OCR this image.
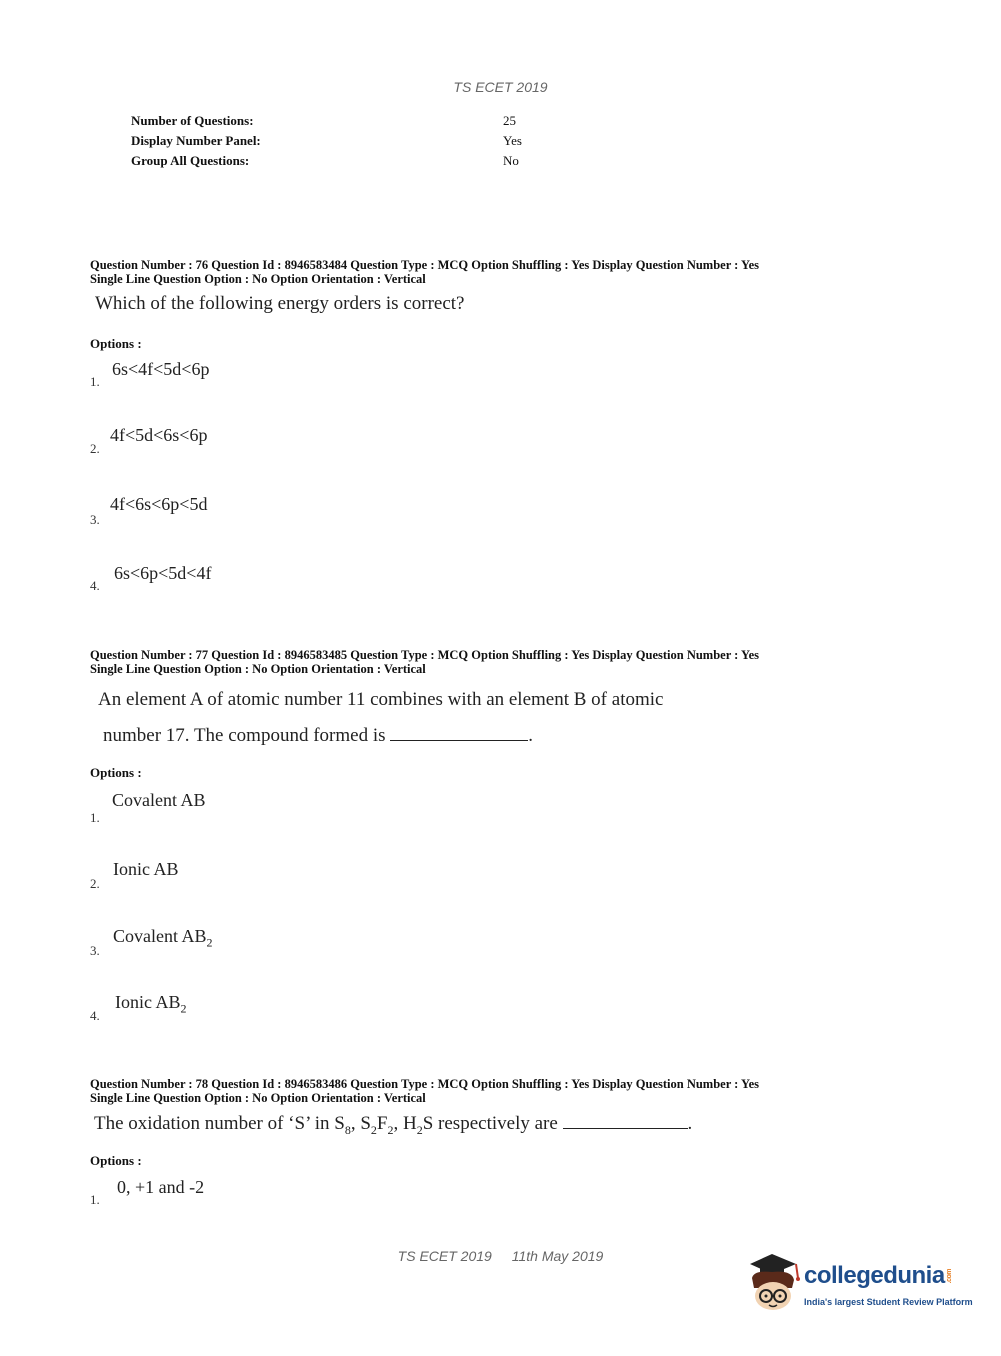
TS ECET 2019
Number of Questions:	25
Display Number Panel:	Yes
Group All Questions:	No
Question Number : 76 Question Id : 8946583484 Question Type : MCQ Option Shuffling : Yes Display Question Number : Yes
Single Line Question Option : No Option Orientation : Vertical
Which of the following energy orders is correct?
Options :
1.
6s<4f<5d<6p
2.
4f<5d<6s<6p
3.
4f<6s<6p<5d
4.
6s<6p<5d<4f
Question Number : 77 Question Id : 8946583485 Question Type : MCQ Option Shuffling : Yes Display Question Number : Yes
Single Line Question Option : No Option Orientation : Vertical
An element A of atomic number 11 combines with an element B of atomic
number 17. The compound formed is	.
Options :
1.
Covalent AB
2.
Ionic AB
3.
Covalent $AB_2$
4.
Ionic $AB_2$
Question Number : 78 Question Id : 8946583486 Question Type : MCQ Option Shuffling : Yes Display Question Number : Yes
Single Line Question Option : No Option Orientation : Vertical
The oxidation number of ‘S’ in $S_8$, $S_2F_2$, $H_2S$ respectively are	.
Options :
1.
0, +1 and -2
TS ECET 2019 11th May 2019
collegedunia.com
India's largest Student Review Platform
